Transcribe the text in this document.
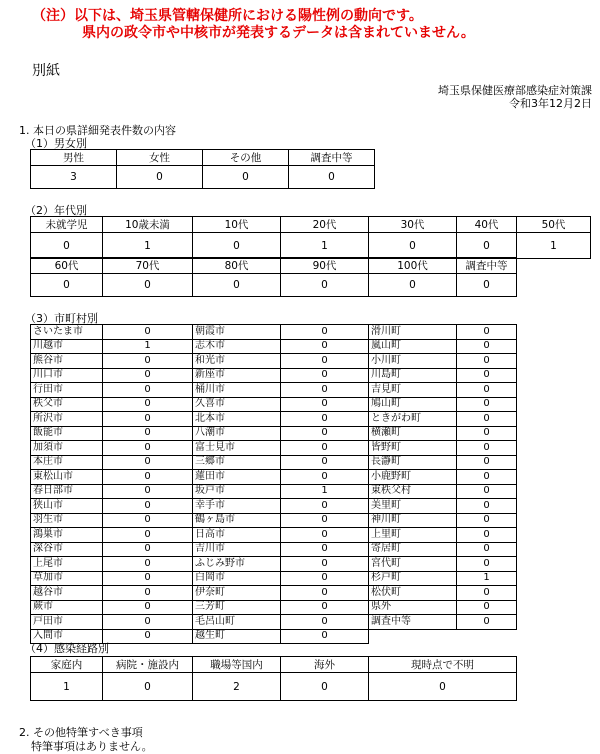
（注）以下は、埼玉県管轄保健所における陽性例の動向です。
県内の政令市や中核市が発表するデータは含まれていません。
別紙
埼玉県保健医療部感染症対策課
令和3年12月2日
1. 本日の県詳細発表件数の内容
（1）男女別
男性	女性	その他	調査中等
3	0	0	0
（2）年代別
未就学児	10歳未満	10代	20代	30代	40代	50代
0	1	0	1	0	0	1
60代	70代	80代	90代	100代	調査中等
0	0	0	0	0	0
（3）市町村別
さいたま市	0	朝霞市	0	滑川町	0
川越市	1	志木市	0	嵐山町	0
熊谷市	0	和光市	0	小川町	0
川口市	0	新座市	0	川島町	0
行田市	0	桶川市	0	吉見町	0
秩父市	0	久喜市	0	鳩山町	0
所沢市	0	北本市	0	ときがわ町	0
飯能市	0	八潮市	0	横瀬町	0
加須市	0	富士見市	0	皆野町	0
本庄市	0	三郷市	0	長瀞町	0
東松山市	0	蓮田市	0	小鹿野町	0
春日部市	0	坂戸市	1	東秩父村	0
狭山市	0	幸手市	0	美里町	0
羽生市	0	鶴ヶ島市	0	神川町	0
鴻巣市	0	日高市	0	上里町	0
深谷市	0	吉川市	0	寄居町	0
上尾市	0	ふじみ野市	0	宮代町	0
草加市	0	白岡市	0	杉戸町	1
越谷市	0	伊奈町	0	松伏町	0
蕨市	0	三芳町	0	県外	0
戸田市	0	毛呂山町	0	調査中等	0
入間市	0	越生町	0		
（4）感染経路別
家庭内	病院・施設内	職場等国内	海外	現時点で不明
1	0	2	0	0
2. その他特筆すべき事項
特筆事項はありません。
